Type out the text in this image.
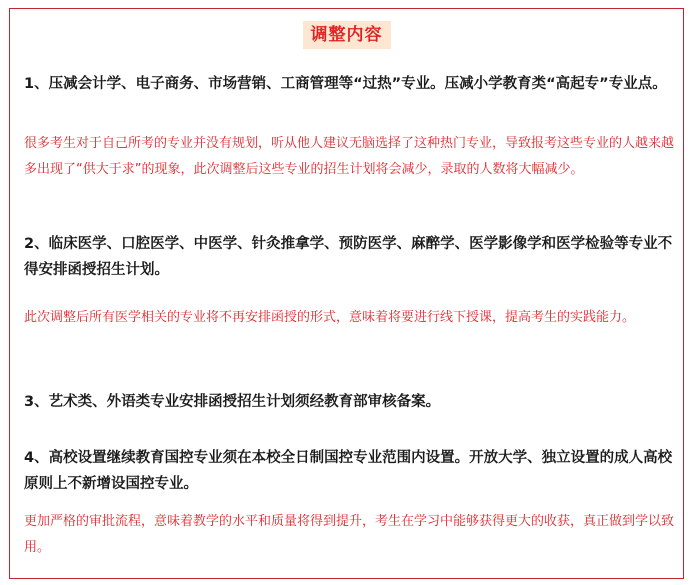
调整内容

1、压减会计学、电子商务、市场营销、工商管理等“过热”专业。压减小学教育类“高起专”专业点。

很多考生对于自己所考的专业并没有规划，听从他人建议无脑选择了这种热门专业，导致报考这些专业的人越来越多出现了“供大于求”的现象，此次调整后这些专业的招生计划将会减少，录取的人数将大幅减少。

2、临床医学、口腔医学、中医学、针灸推拿学、预防医学、麻醉学、医学影像学和医学检验等专业不得安排函授招生计划。

此次调整后所有医学相关的专业将不再安排函授的形式，意味着将要进行线下授课，提高考生的实践能力。

3、艺术类、外语类专业安排函授招生计划须经教育部审核备案。

4、高校设置继续教育国控专业须在本校全日制国控专业范围内设置。开放大学、独立设置的成人高校原则上不新增设国控专业。

更加严格的审批流程，意味着教学的水平和质量将得到提升，考生在学习中能够获得更大的收获，真正做到学以致用。
